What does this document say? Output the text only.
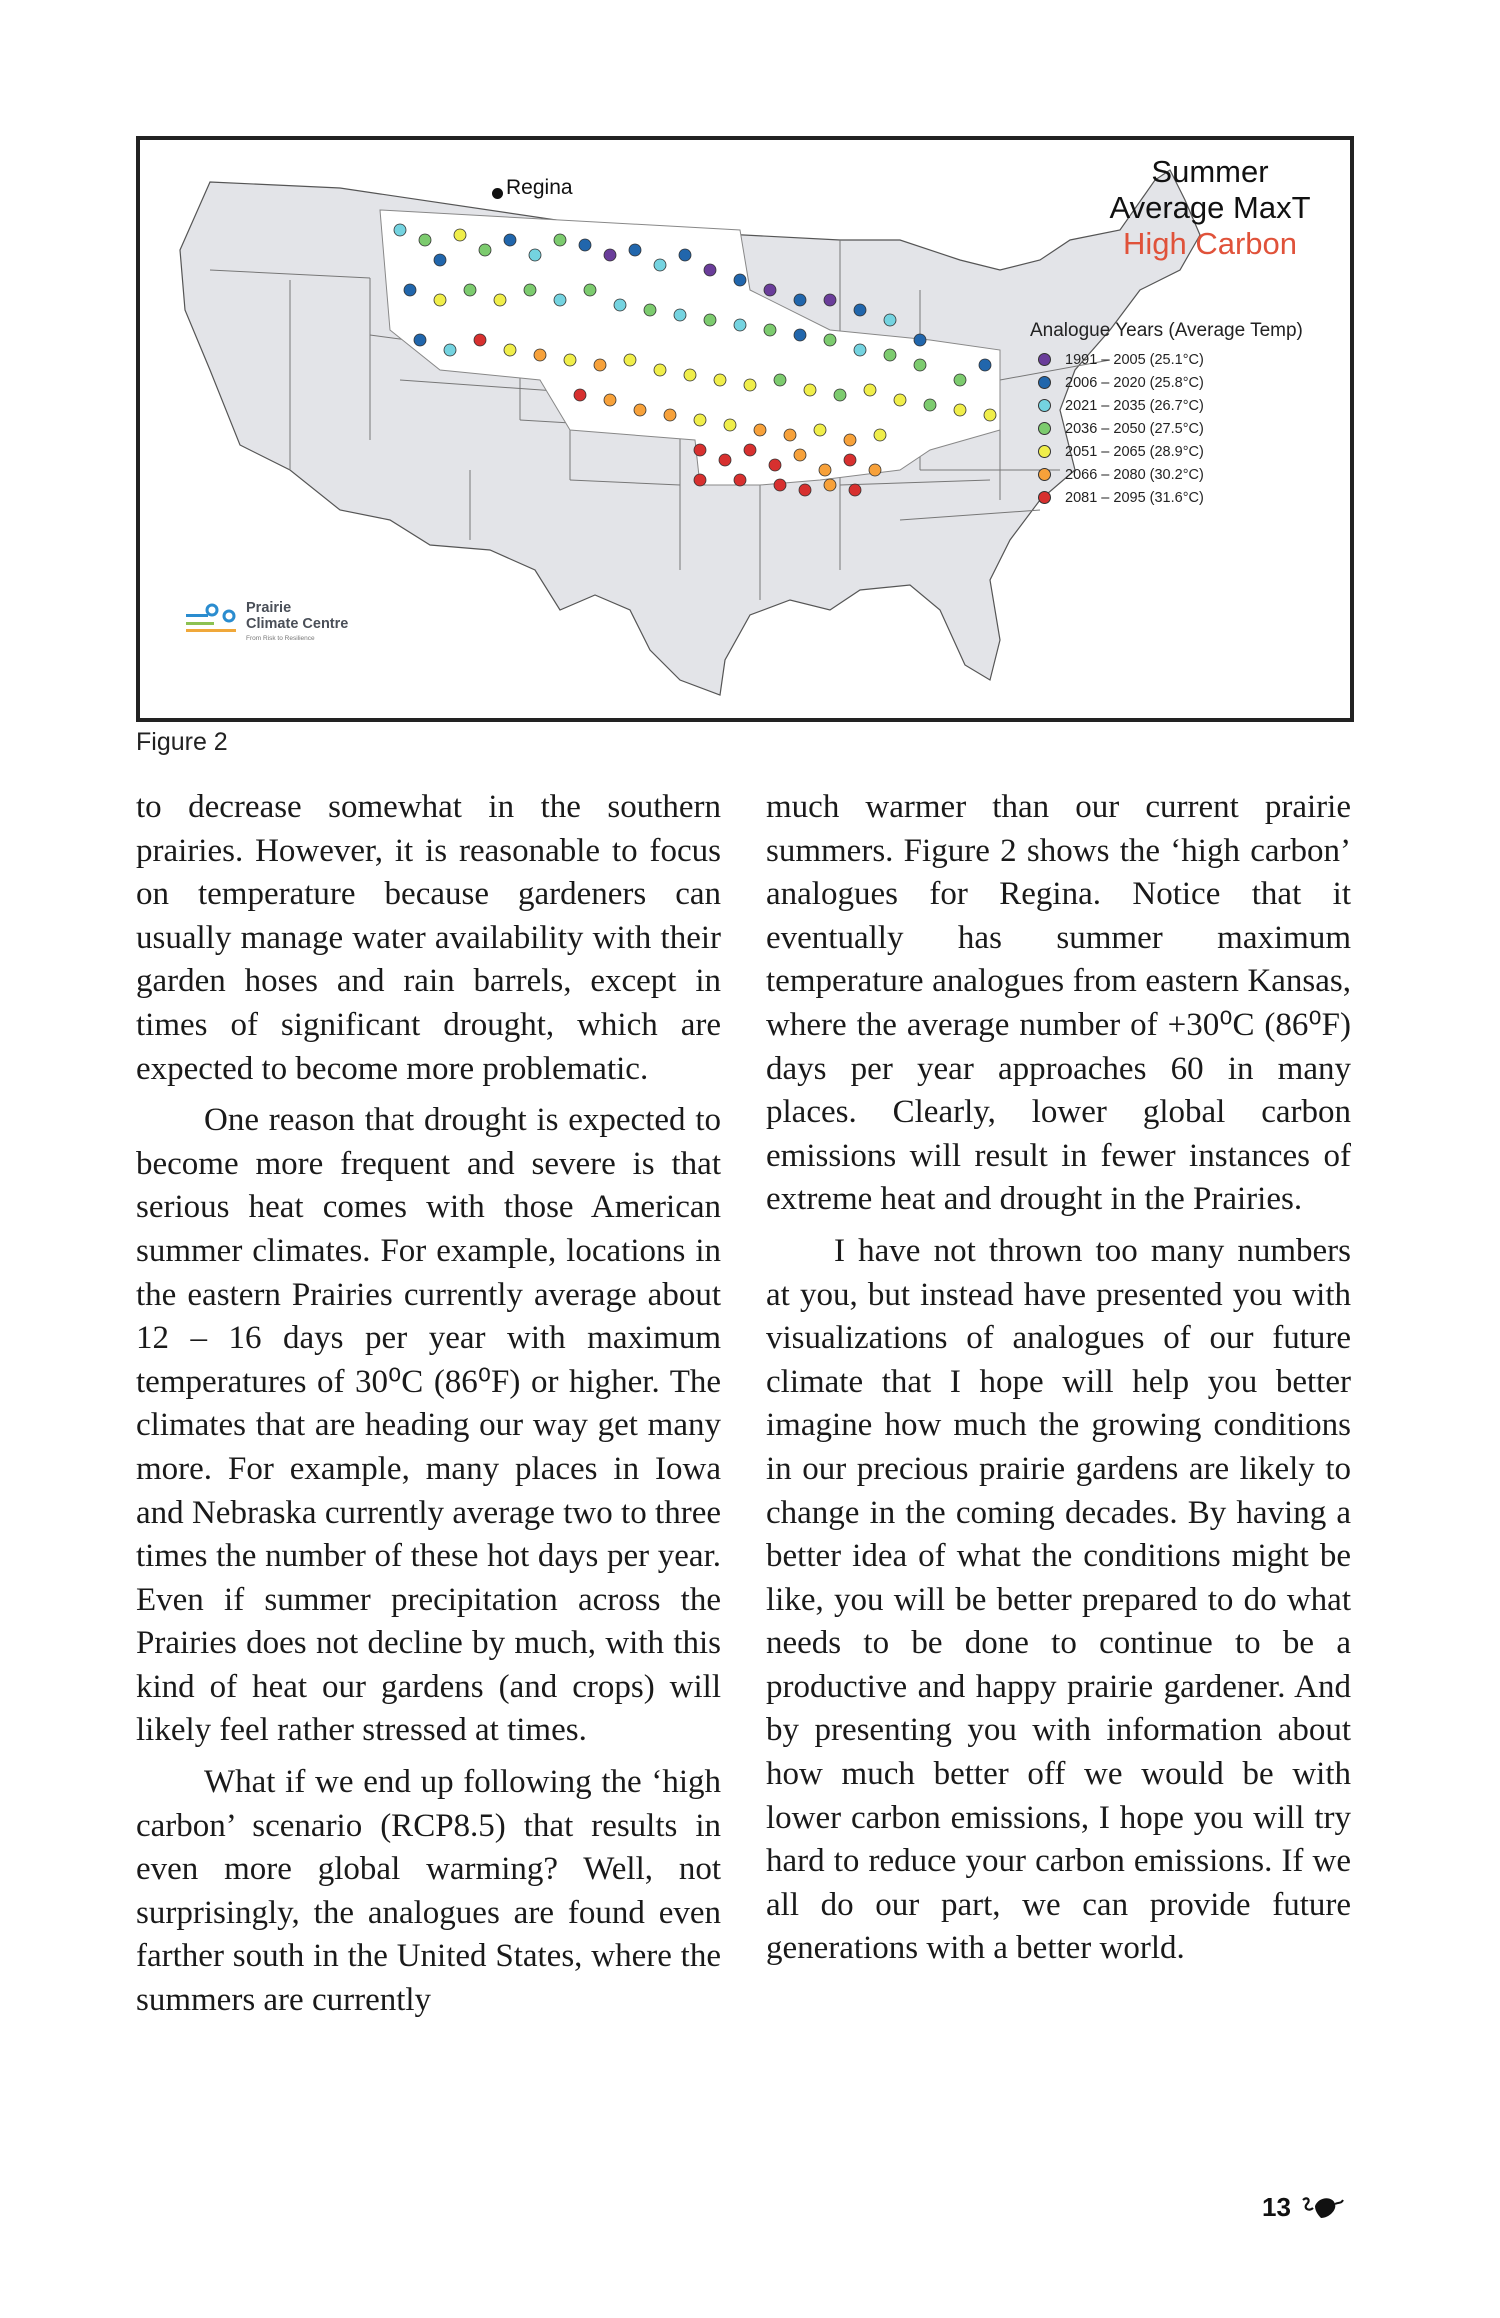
Regina	Summer
Average MaxT
High Carbon
Analogue Years (Average Temp)
1991 – 2005 (25.1°C)
2006 – 2020 (25.8°C)
2021 – 2035 (26.7°C)
2036 – 2050 (27.5°C)
2051 – 2065 (28.9°C)
2066 – 2080 (30.2°C)
2081 – 2095 (31.6°C)
Prairie
Climate Centre
From Risk to Resilience
Figure 2

to decrease somewhat in the southern prairies. However, it is reasonable to focus on temperature because gardeners can usually manage water availability with their garden hoses and rain barrels, except in times of significant drought, which are expected to become more problematic.

One reason that drought is expected to become more frequent and severe is that serious heat comes with those American summer climates. For example, locations in the eastern Prairies currently average about 12 – 16 days per year with maximum temperatures of 30⁰C (86⁰F) or higher. The climates that are heading our way get many more. For example, many places in Iowa and Nebraska currently average two to three times the number of these hot days per year. Even if summer precipitation across the Prairies does not decline by much, with this kind of heat our gardens (and crops) will likely feel rather stressed at times.

What if we end up following the ‘high carbon’ scenario (RCP8.5) that results in even more global warming? Well, not surprisingly, the analogues are found even farther south in the United States, where the summers are currently

much warmer than our current prairie summers. Figure 2 shows the ‘high carbon’ analogues for Regina. Notice that it eventually has summer maximum temperature analogues from eastern Kansas, where the average number of +30⁰C (86⁰F) days per year approaches 60 in many places. Clearly, lower global carbon emissions will result in fewer instances of extreme heat and drought in the Prairies.

I have not thrown too many numbers at you, but instead have presented you with visualizations of analogues of our future climate that I hope will help you better imagine how much the growing conditions in our precious prairie gardens are likely to change in the coming decades. By having a better idea of what the conditions might be like, you will be better prepared to do what needs to be done to continue to be a productive and happy prairie gardener. And by presenting you with information about how much better off we would be with lower carbon emissions, I hope you will try hard to reduce your carbon emissions. If we all do our part, we can provide future generations with a better world.

13
